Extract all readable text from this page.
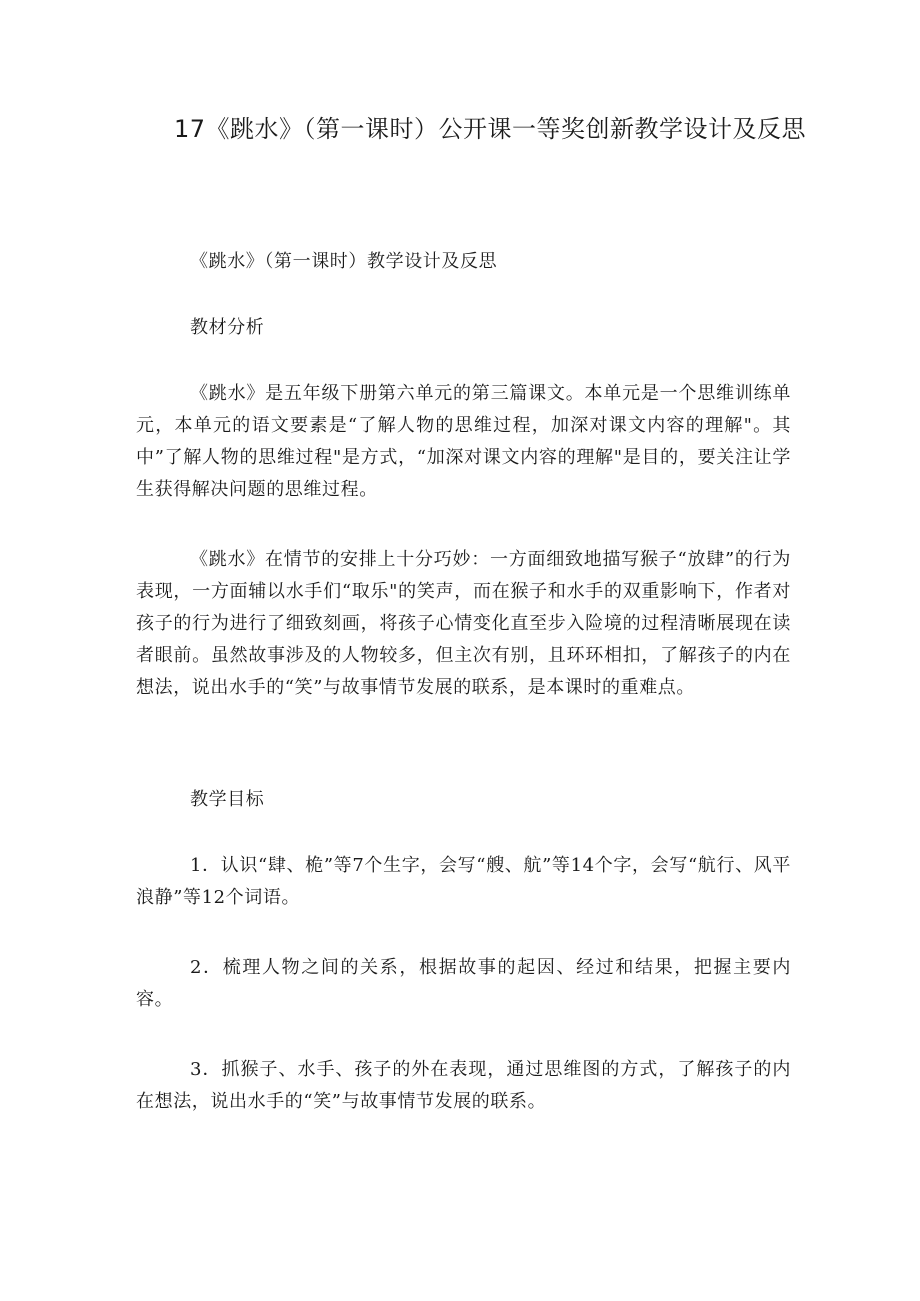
17《跳水》（第一课时）公开课一等奖创新教学设计及反思

《跳水》（第一课时）教学设计及反思

教材分析

《跳水》是五年级下册第六单元的第三篇课文。本单元是一个思维训练单元，本单元的语文要素是“了解人物的思维过程，加深对课文内容的理解"。其中”了解人物的思维过程"是方式，“加深对课文内容的理解"是目的，要关注让学生获得解决问题的思维过程。

《跳水》在情节的安排上十分巧妙：一方面细致地描写猴子“放肆”的行为表现，一方面辅以水手们“取乐"的笑声，而在猴子和水手的双重影响下，作者对孩子的行为进行了细致刻画，将孩子心情变化直至步入险境的过程清晰展现在读者眼前。虽然故事涉及的人物较多，但主次有别，且环环相扣，了解孩子的内在想法，说出水手的“笑”与故事情节发展的联系，是本课时的重难点。

教学目标

1．认识“肆、桅”等7个生字，会写“艘、航”等14个字，会写“航行、风平浪静”等12个词语。

2．梳理人物之间的关系，根据故事的起因、经过和结果，把握主要内容。

3．抓猴子、水手、孩子的外在表现，通过思维图的方式，了解孩子的内在想法，说出水手的“笑”与故事情节发展的联系。
